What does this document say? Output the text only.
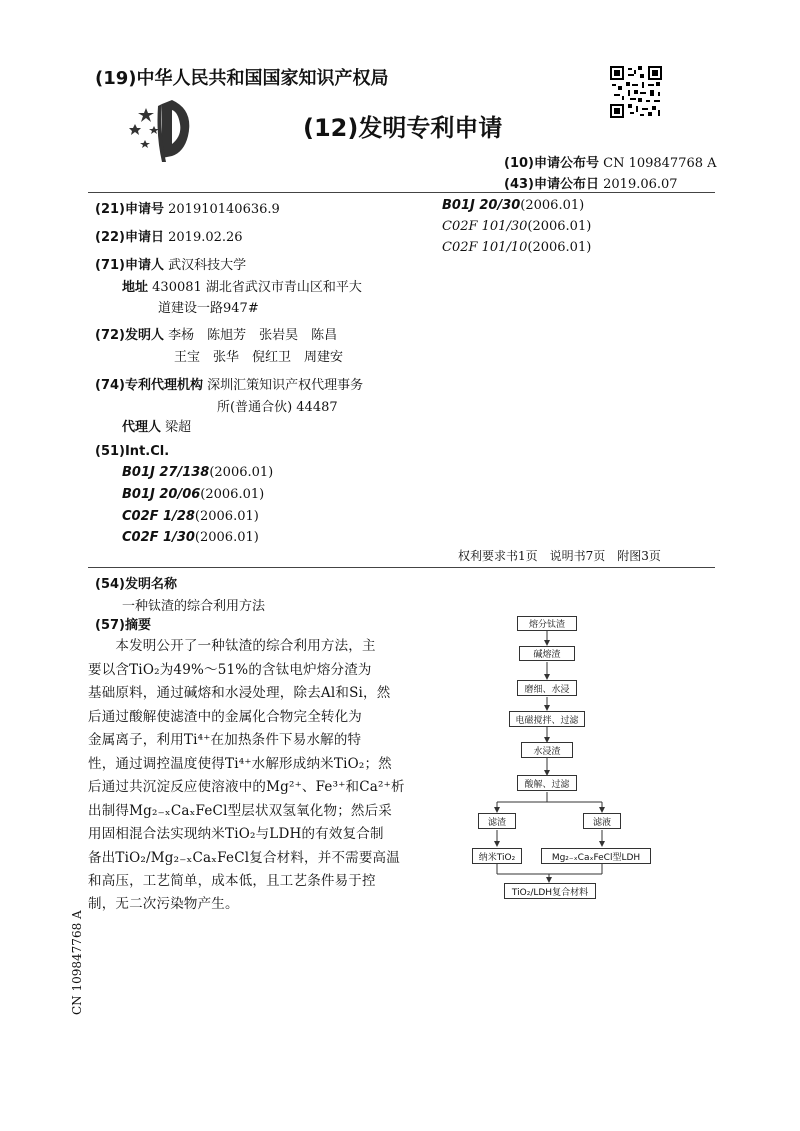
(19)中华人民共和国国家知识产权局
(12)发明专利申请
(10)申请公布号 CN 109847768 A
(43)申请公布日 2019.06.07
(21)申请号 201910140636.9
(22)申请日 2019.02.26
(71)申请人 武汉科技大学
地址 430081 湖北省武汉市青山区和平大
道建设一路947#
(72)发明人 李杨　陈旭芳　张岩昊　陈昌
王宝　张华　倪红卫　周建安
(74)专利代理机构 深圳汇策知识产权代理事务
所(普通合伙) 44487
代理人 梁超
(51)Int.Cl.
B01J 27/138(2006.01)
B01J 20/06(2006.01)
C02F 1/28(2006.01)
C02F 1/30(2006.01)
B01J 20/30(2006.01)
C02F 101/30(2006.01)
C02F 101/10(2006.01)
权利要求书1页　说明书7页　附图3页
(54)发明名称
一种钛渣的综合利用方法
(57)摘要
　　本发明公开了一种钛渣的综合利用方法，主
要以含TiO₂为49%～51%的含钛电炉熔分渣为
基础原料，通过碱熔和水浸处理，除去Al和Si，然
后通过酸解使滤渣中的金属化合物完全转化为
金属离子，利用Ti⁴⁺在加热条件下易水解的特
性，通过调控温度使得Ti⁴⁺水解形成纳米TiO₂；然
后通过共沉淀反应使溶液中的Mg²⁺、Fe³⁺和Ca²⁺析
出制得Mg₂₋ₓCaₓFeCl型层状双氢氧化物；然后采
用固相混合法实现纳米TiO₂与LDH的有效复合制
备出TiO₂/Mg₂₋ₓCaₓFeCl复合材料，并不需要高温
和高压，工艺简单，成本低，且工艺条件易于控
制，无二次污染物产生。
熔分钛渣
碱熔渣
磨细、水浸
电磁搅拌、过滤
水浸渣
酸解、过滤
滤渣	滤液
纳米TiO₂	Mg₂₋ₓCaₓFeCl型LDH
TiO₂/LDH复合材料
CN 109847768 A
